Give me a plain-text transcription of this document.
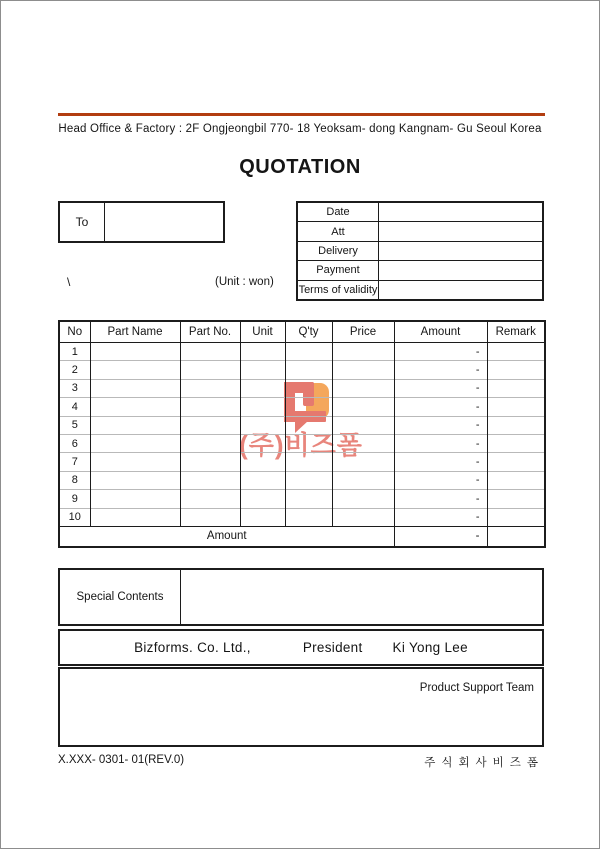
Head Office & Factory : 2F Ongjeongbil 770- 18 Yeoksam- dong Kangnam- Gu Seoul Korea
QUOTATION
To
Date
Att
Delivery
Payment
Terms of validity
\	(Unit : won)
(주)비즈폼
No	Part Name	Part No.	Unit	Q'ty	Price	Amount	Remark
1						-	
2						-	
3						-	
4						-	
5						-	
6						-	
7						-	
8						-	
9						-	
10						-	
Amount						-	
Special Contents
Bizforms. Co. Ltd.,	President Ki Yong Lee
Product Support Team
X.XXX- 0301- 01(REV.0)	주식회사비즈폼
